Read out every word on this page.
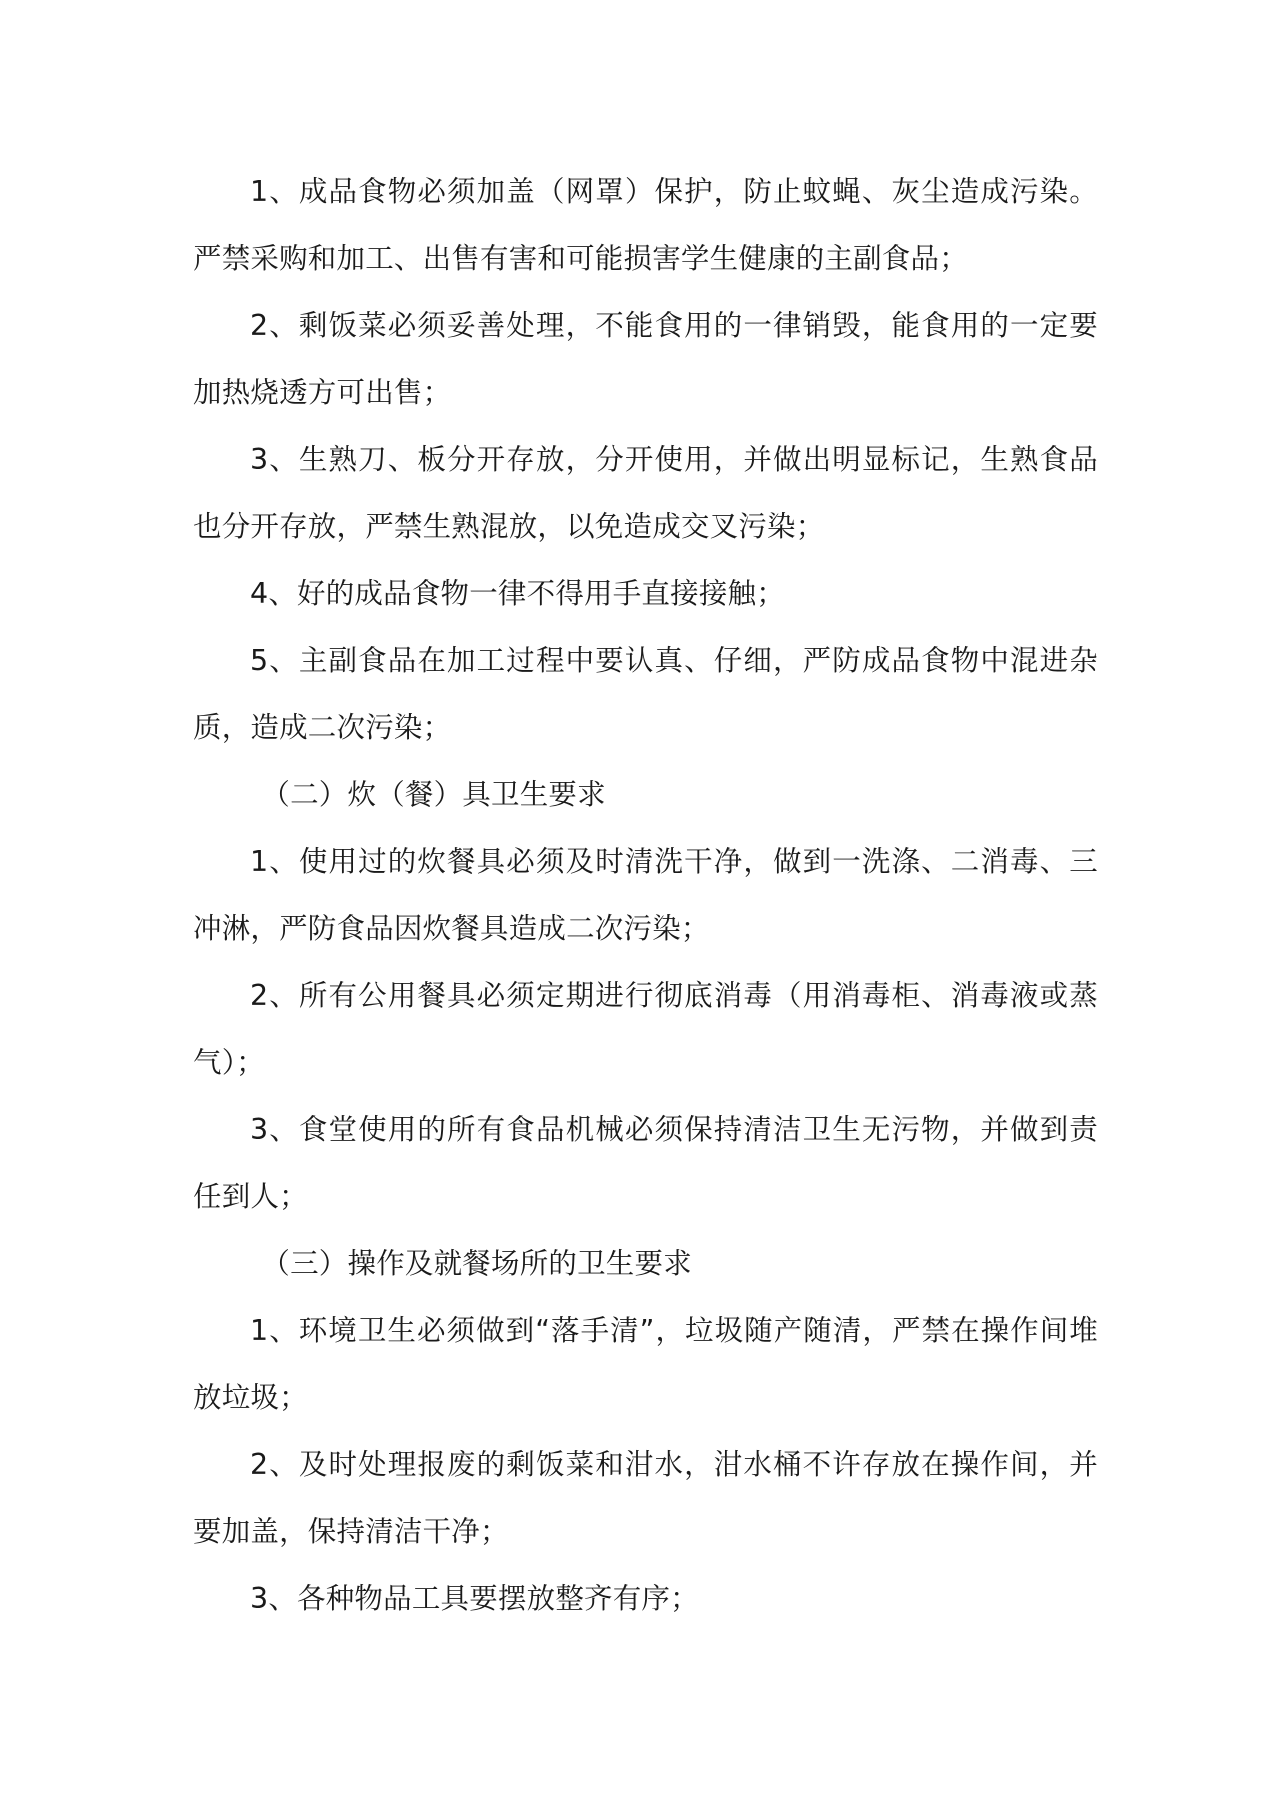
1、成品食物必须加盖（网罩）保护，防止蚊蝇、灰尘造成污染。严禁采购和加工、出售有害和可能损害学生健康的主副食品；

2、剩饭菜必须妥善处理，不能食用的一律销毁，能食用的一定要加热烧透方可出售；

3、生熟刀、板分开存放，分开使用，并做出明显标记，生熟食品也分开存放，严禁生熟混放，以免造成交叉污染；

4、好的成品食物一律不得用手直接接触；

5、主副食品在加工过程中要认真、仔细，严防成品食物中混进杂质，造成二次污染；

（二）炊（餐）具卫生要求

1、使用过的炊餐具必须及时清洗干净，做到一洗涤、二消毒、三冲淋，严防食品因炊餐具造成二次污染；

2、所有公用餐具必须定期进行彻底消毒（用消毒柜、消毒液或蒸气）；

3、食堂使用的所有食品机械必须保持清洁卫生无污物，并做到责任到人；

（三）操作及就餐场所的卫生要求

1、环境卫生必须做到“落手清”，垃圾随产随清，严禁在操作间堆放垃圾；

2、及时处理报废的剩饭菜和泔水，泔水桶不许存放在操作间，并要加盖，保持清洁干净；

3、各种物品工具要摆放整齐有序；
